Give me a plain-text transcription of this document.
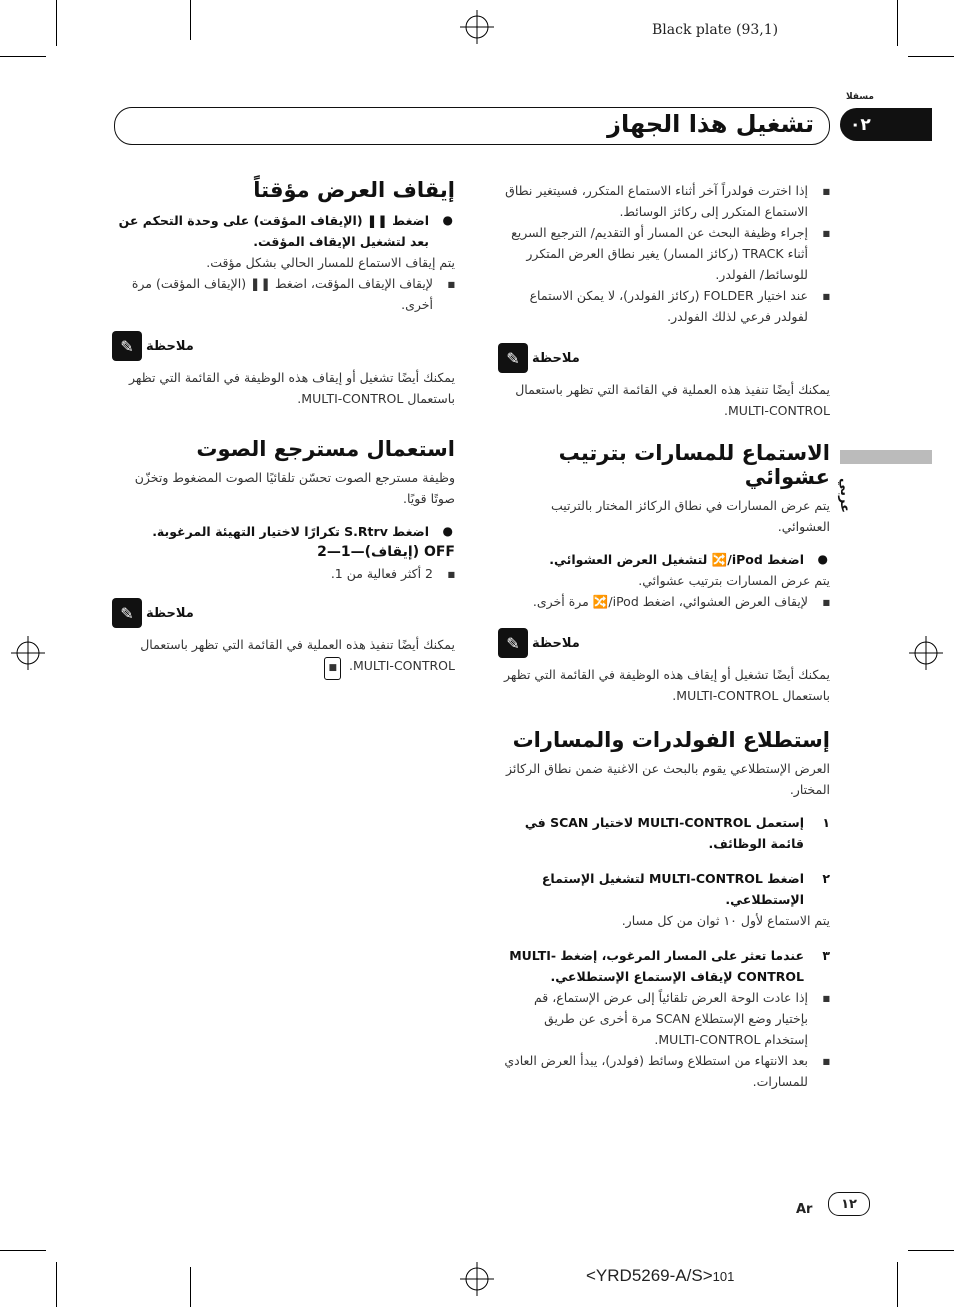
Black plate (93,1)
مسقلا
تشغيل هذا الجهاز ٠٢
عربي
■ إذا اخترت فولدراً آخر أثناء الاستماع المتكرر، فسيتغير نطاق الاستماع المتكرر إلى ركائز الوسائط.
■ إجراء وظيفة البحث عن المسار أو التقديم/ الترجيع السريع أثناء TRACK (ركائز المسار) يغير نطاق العرض المتكرر للوسائط/ الفولدر.
■ عند اختيار FOLDER (ركائز الفولدر)، لا يمكن الاستماع لفولدر فرعي لذلك الفولدر.
✎ ملاحظة
يمكنك أيضًا تنفيذ هذه العملية في القائمة التي تظهر باستعمال MULTI-CONTROL.
الاستماع للمسارات بترتيب عشوائي
يتم عرض المسارات في نطاق الركائز المختار بالترتيب العشوائي.
● اضغط iPod/🔀 لتشغيل العرض العشوائي.
يتم عرض المسارات بترتيب عشوائي.
■ لإيقاف العرض العشوائي، اضغط iPod/🔀 مرة أخرى.
✎ ملاحظة
يمكنك أيضًا تشغيل أو إيقاف هذه الوظيفة في القائمة التي تظهر باستعمال MULTI-CONTROL.
إستطلاع الفولدرات والمسارات
العرض الإستطلاعي يقوم بالبحث عن الاغنية ضمن نطاق الركائز المختار.
١
إستعمل MULTI-CONTROL لاختيار SCAN في قائمة الوظائف.
٢
اضغط MULTI-CONTROL لتشغيل الإستماع الإستطلاعي.
يتم الاستماع لأول ١٠ ثوان من كل مسار.
٣
عندما تعثر على المسار المرغوب، إضغط MULTI-CONTROL لإيقاف الإستماع الإستطلاعي.
■ إذا عادت الوحة العرض تلقائياً إلى عرض الإستماع، قم بإختيار وضع الإستطلاع SCAN مرة أخرى عن طريق إستخدام MULTI-CONTROL.
■ بعد الانتهاء من استطلاع وسائط (فولدر)، يبدأ العرض العادي للمسارات.
إيقاف العرض مؤقتاً
● اضغط ❚❚ (الإيقاف المؤقت) على وحدة التحكم عن بعد لتشغيل الإيقاف المؤقت.
يتم إيقاف الاستماع للمسار الحالي بشكل مؤقت.
■ لإيقاف الإيقاف المؤقت، اضغط ❚❚ (الإيقاف المؤقت) مرة أخرى.
✎ ملاحظة
يمكنك أيضًا تشغيل أو إيقاف هذه الوظيفة في القائمة التي تظهر باستعمال MULTI-CONTROL.
استعمال مسترجع الصوت
وظيفة مسترجع الصوت تحسّن تلقائيًا الصوت المضغوط وتخزّن صوتًا قويًا.
● اضغط S.Rtrv تكرارًا لاختيار التهيئة المرغوبة.
OFF (إيقاف)—1—2
■ 2 أكثر فعالية من 1.
✎ ملاحظة
يمكنك أيضًا تنفيذ هذه العملية في القائمة التي تظهر باستعمال MULTI-CONTROL. ■
Ar ١٢
<YRD5269-A/S>101
